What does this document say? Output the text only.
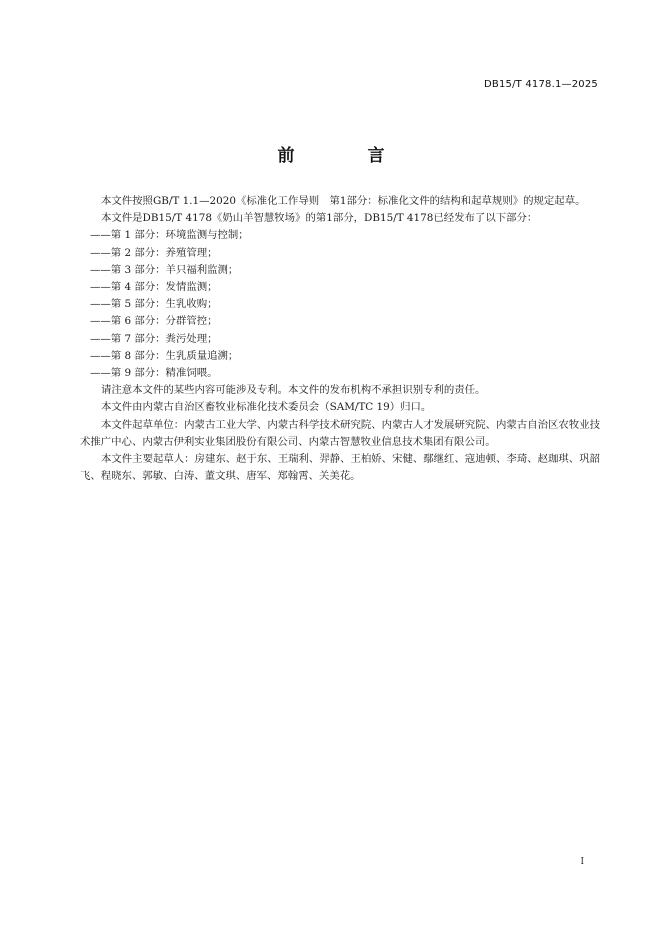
DB15/T 4178.1—2025
前　言

本文件按照GB/T 1.1—2020《标准化工作导则　第1部分：标准化文件的结构和起草规则》的规定起草。

本文件是DB15/T 4178《奶山羊智慧牧场》的第1部分，DB15/T 4178已经发布了以下部分：

——第 1 部分：环境监测与控制；

——第 2 部分：养殖管理；

——第 3 部分：羊只福利监测；

——第 4 部分：发情监测；

——第 5 部分：生乳收购；

——第 6 部分：分群管控；

——第 7 部分：粪污处理；

——第 8 部分：生乳质量追溯；

——第 9 部分：精准饲喂。

请注意本文件的某些内容可能涉及专利。本文件的发布机构不承担识别专利的责任。

本文件由内蒙古自治区畜牧业标准化技术委员会（SAM/TC 19）归口。

本文件起草单位：内蒙古工业大学、内蒙古科学技术研究院、内蒙古人才发展研究院、内蒙古自治区农牧业技术推广中心、内蒙古伊利实业集团股份有限公司、内蒙古智慧牧业信息技术集团有限公司。

本文件主要起草人：房建东、赵于东、王瑞利、羿静、王柏娇、宋健、鄢继红、寇迪顿、李琦、赵珈琪、巩韶飞、程晓东、郭敏、白涛、董文琪、唐军、郑翰霄、关美花。

I
